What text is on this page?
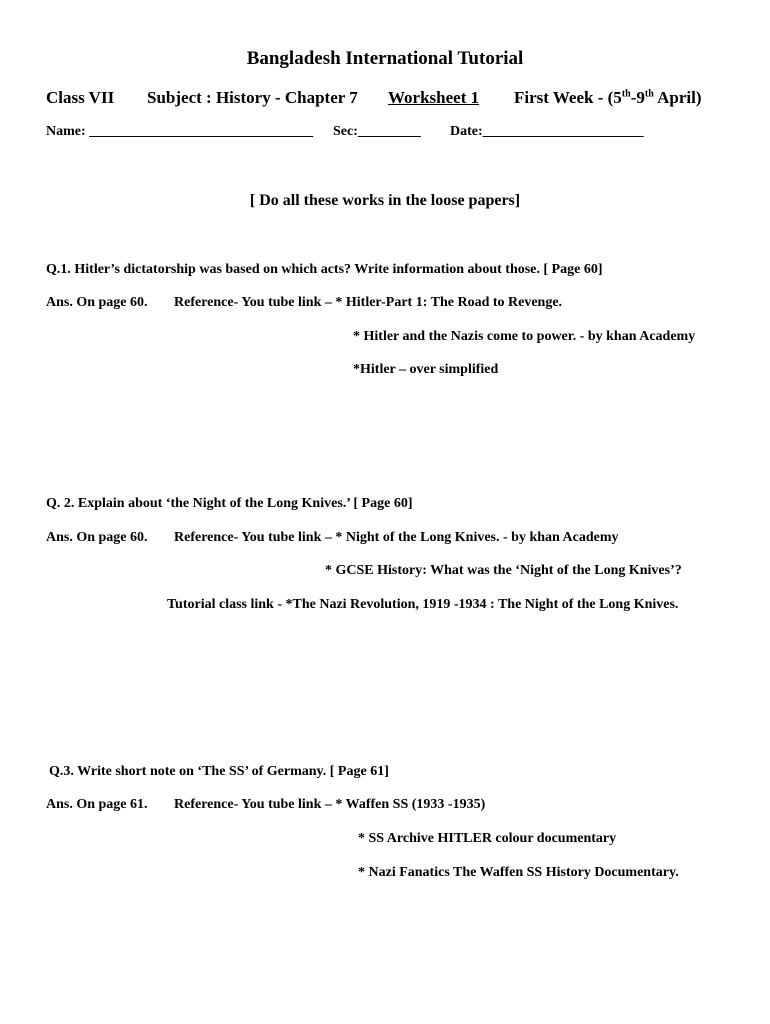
Bangladesh International Tutorial
Class VII Subject : History - Chapter 7 Worksheet 1 First Week - (5th-9th April)
Name: ________________________________ Sec:_________ Date:_______________________
[ Do all these works in the loose papers]
Q.1. Hitler’s dictatorship was based on which acts? Write information about those. [ Page 60]
Ans. On page 60. Reference- You tube link – * Hitler-Part 1: The Road to Revenge.
* Hitler and the Nazis come to power. - by khan Academy
*Hitler – over simplified
Q. 2. Explain about ‘the Night of the Long Knives.’ [ Page 60]
Ans. On page 60. Reference- You tube link – * Night of the Long Knives. - by khan Academy
* GCSE History: What was the ‘Night of the Long Knives’?
Tutorial class link - *The Nazi Revolution, 1919 -1934 : The Night of the Long Knives.
Q.3. Write short note on ‘The SS’ of Germany. [ Page 61]
Ans. On page 61. Reference- You tube link – * Waffen SS (1933 -1935)
* SS Archive HITLER colour documentary
* Nazi Fanatics The Waffen SS History Documentary.
